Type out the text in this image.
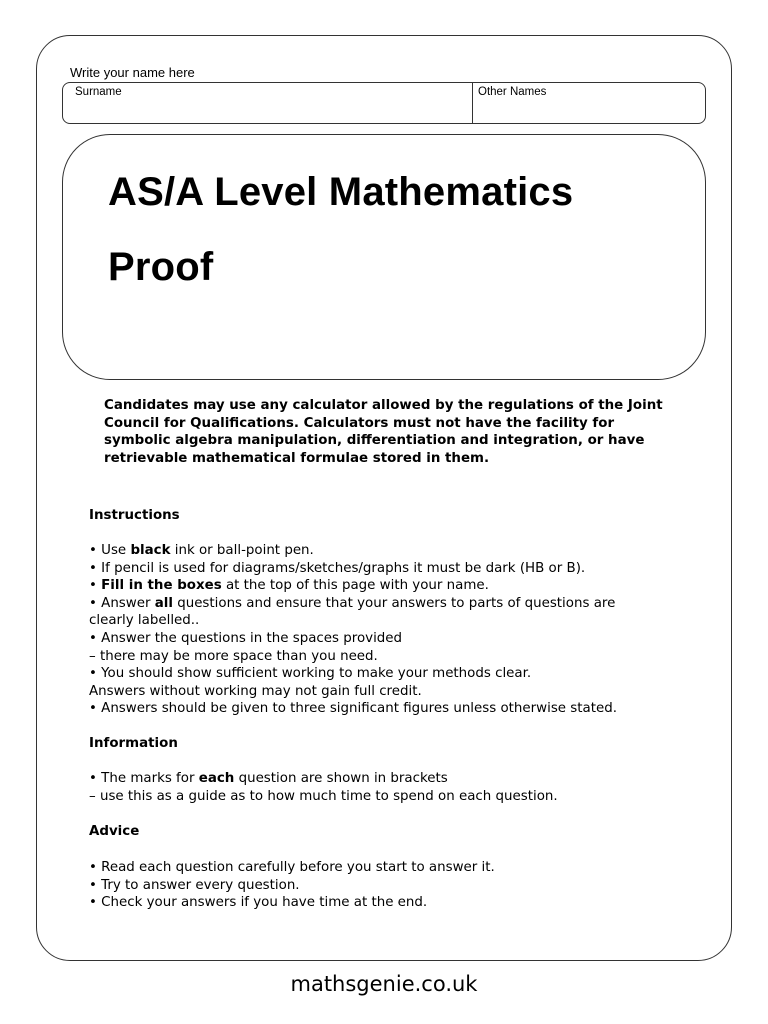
Write your name here
Surname	Other Names
AS/A Level Mathematics
Proof
Candidates may use any calculator allowed by the regulations of the Joint Council for Qualifications. Calculators must not have the facility for symbolic algebra manipulation, differentiation and integration, or have retrievable mathematical formulae stored in them.
Instructions
• Use black ink or ball-point pen.
• If pencil is used for diagrams/sketches/graphs it must be dark (HB or B).
• Fill in the boxes at the top of this page with your name.
• Answer all questions and ensure that your answers to parts of questions are
clearly labelled..
• Answer the questions in the spaces provided
– there may be more space than you need.
• You should show sufficient working to make your methods clear.
Answers without working may not gain full credit.
• Answers should be given to three significant figures unless otherwise stated.
Information
• The marks for each question are shown in brackets
– use this as a guide as to how much time to spend on each question.
Advice
• Read each question carefully before you start to answer it.
• Try to answer every question.
• Check your answers if you have time at the end.
mathsgenie.co.uk
